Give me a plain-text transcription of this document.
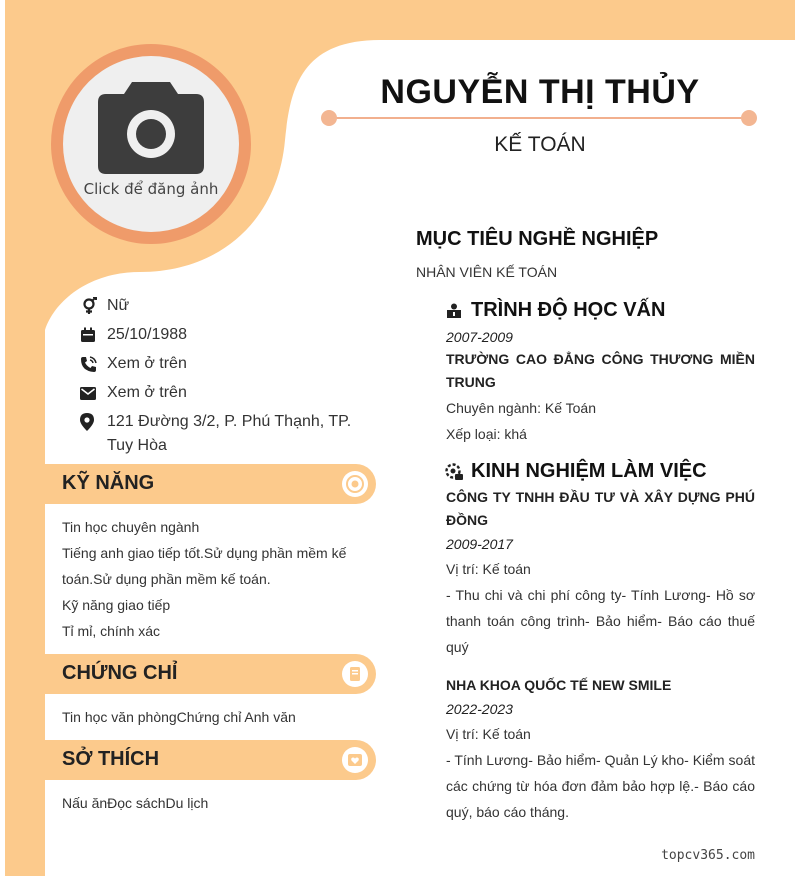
Click để đăng ảnh
NGUYỄN THỊ THỦY
KẾ TOÁN
Nữ
25/10/1988
Xem ở trên
Xem ở trên
121 Đường 3/2, P. Phú Thạnh, TP. Tuy Hòa
KỸ NĂNG

Tin học chuyên ngành

Tiếng anh giao tiếp tốt.Sử dụng phần mềm kế toán.Sử dụng phần mềm kế toán.

Kỹ năng giao tiếp

Tỉ mỉ, chính xác

CHỨNG CHỈ

Tin học văn phòngChứng chỉ Anh văn

SỞ THÍCH

Nấu ănĐọc sáchDu lịch

MỤC TIÊU NGHỀ NGHIỆP
NHÂN VIÊN KẾ TOÁN
TRÌNH ĐỘ HỌC VẤN
2007-2009
TRƯỜNG CAO ĐẲNG CÔNG THƯƠNG MIỀN TRUNG
Chuyên ngành: Kế Toán
Xếp loại: khá
KINH NGHIỆM LÀM VIỆC
CÔNG TY TNHH ĐẦU TƯ VÀ XÂY DỰNG PHÚ ĐỒNG
2009-2017
Vị trí: Kế toán
- Thu chi và chi phí công ty- Tính Lương- Hồ sơ thanh toán công trình- Bảo hiểm- Báo cáo thuế quý
NHA KHOA QUỐC TẾ NEW SMILE
2022-2023
Vị trí: Kế toán
- Tính Lương- Bảo hiểm- Quản Lý kho- Kiểm soát các chứng từ hóa đơn đảm bảo hợp lệ.- Báo cáo quý, báo cáo tháng.
topcv365.com
